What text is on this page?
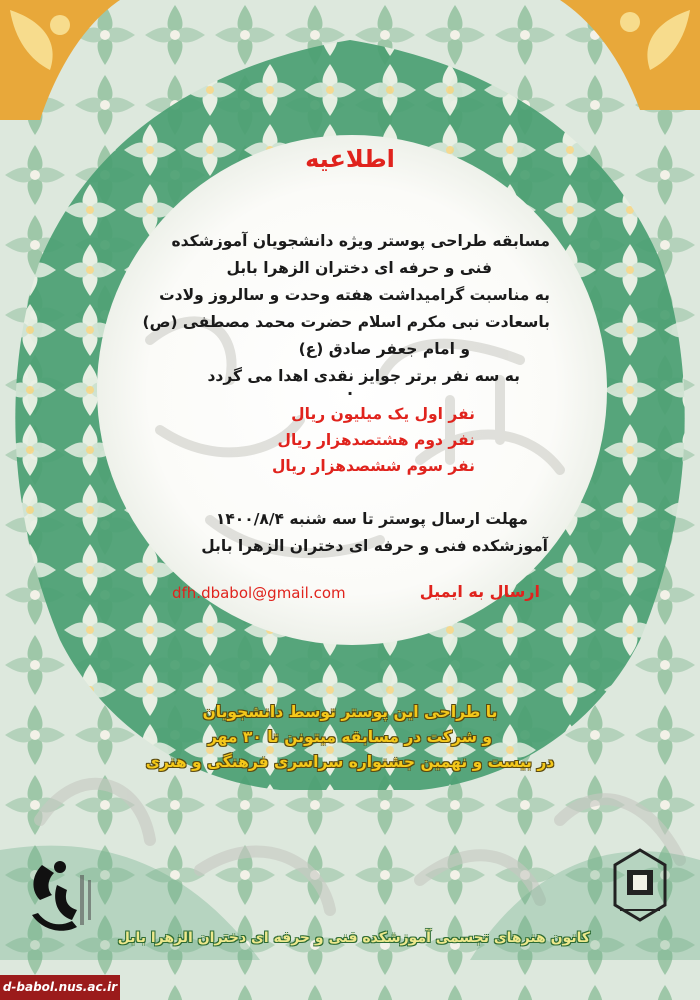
اطلاعیه
مسابقه طراحی پوستر ویژه دانشجویان آموزشکده
فنی و حرفه ای دختران الزهرا بابل
به مناسبت گرامیداشت هفته وحدت و سالروز ولادت
باسعادت نبی مکرم اسلام حضرت محمد مصطفی (ص)
و امام جعفر صادق (ع)
به سه نفر برتر جوایز نقدی اهدا می گردد
.
نفر اول یک میلیون ریال
نفر دوم هشتصدهزار ریال
نفر سوم ششصدهزار ریال
مهلت ارسال پوستر تا سه شنبه ۱۴۰۰/۸/۴
آموزشکده فنی و حرفه ای دختران الزهرا بابل
ارسال به ایمیل
dfh.dbabol@gmail.com
با طراحی این پوستر توسط دانشجویان
و شرکت در مسابقه میتونن تا ۳۰ مهر
در بیست و نهمین جشنواره سراسری فرهنگی و هنری
کانون هنرهای تجسمی آموزشکده فنی و حرفه ای دختران الزهرا بابل
d-babol.nus.ac.ir
